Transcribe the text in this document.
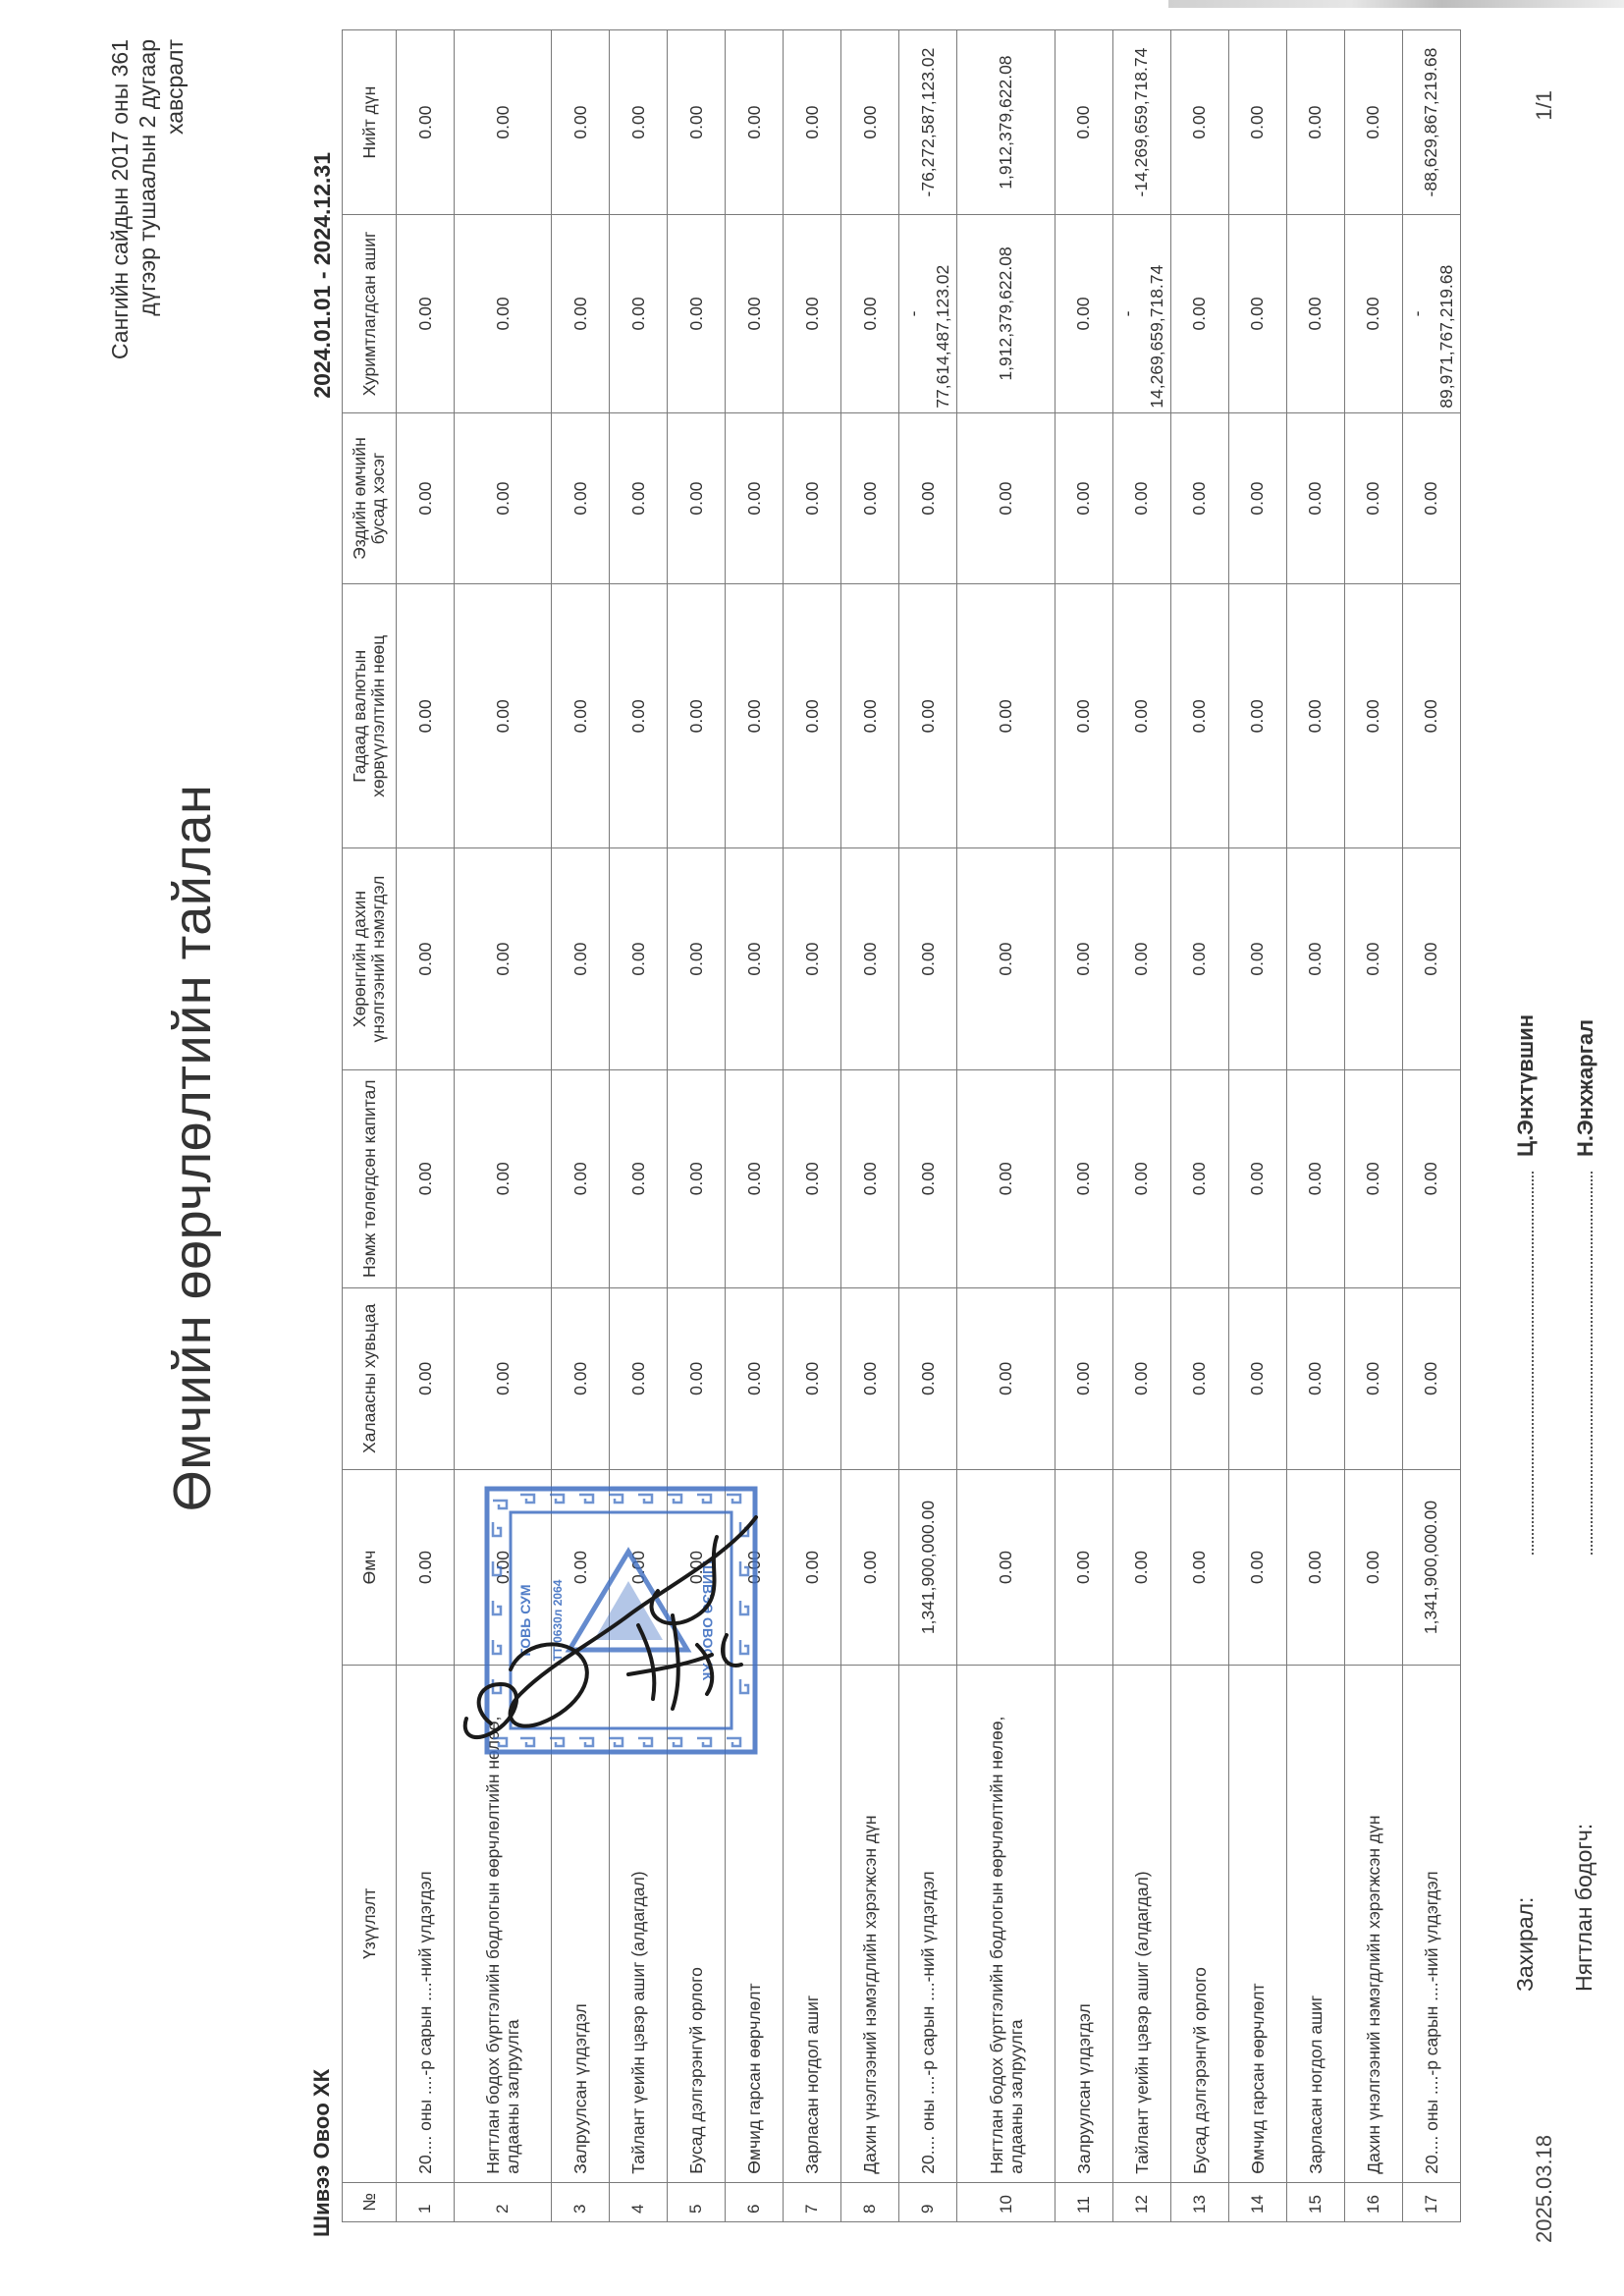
Сангийн сайдын 2017 оны 361 дүгээр тушаалын 2 дугаар хавсралт
Өмчийн өөрчлөлтийн тайлан
Шивээ Овоо ХК
2024.01.01 - 2024.12.31
№	Үзүүлэлт	Өмч	Халаасны хувьцаа	Нэмж төлөгдсөн капитал	Хөрөнгийн дахин үнэлгээний нэмэгдэл	Гадаад валютын хөрвүүлэлтийн нөөц	Эздийн өмчийн бусад хэсэг	Хуримтлагдсан ашиг	Нийт дүн
1	20.... оны ....-р сарын ....-ний үлдэгдэл	0.00	0.00	0.00	0.00	0.00	0.00	0.00	0.00
2	Нягтлан бодох бүртгэлийн бодлогын өөрчлөлтийн нөлөө, алдааны залруулга	0.00	0.00	0.00	0.00	0.00	0.00	0.00	0.00
3	Залруулсан үлдэгдэл	0.00	0.00	0.00	0.00	0.00	0.00	0.00	0.00
4	Тайлант үеийн цэвэр ашиг (алдагдал)	0.00	0.00	0.00	0.00	0.00	0.00	0.00	0.00
5	Бусад дэлгэрэнгүй орлого	0.00	0.00	0.00	0.00	0.00	0.00	0.00	0.00
6	Өмчид гарсан өөрчлөлт	0.00	0.00	0.00	0.00	0.00	0.00	0.00	0.00
7	Зарласан ногдол ашиг	0.00	0.00	0.00	0.00	0.00	0.00	0.00	0.00
8	Дахин үнэлгээний нэмэгдлийн хэрэгжсэн дүн	0.00	0.00	0.00	0.00	0.00	0.00	0.00	0.00
9	20.... оны ....-р сарын ....-ний үлдэгдэл	1,341,900,000.00	0.00	0.00	0.00	0.00	0.00	- 77,614,487,123.02	-76,272,587,123.02
10	Нягтлан бодох бүртгэлийн бодлогын өөрчлөлтийн нөлөө, алдааны залруулга	0.00	0.00	0.00	0.00	0.00	0.00	1,912,379,622.08	1,912,379,622.08
11	Залруулсан үлдэгдэл	0.00	0.00	0.00	0.00	0.00	0.00	0.00	0.00
12	Тайлант үеийн цэвэр ашиг (алдагдал)	0.00	0.00	0.00	0.00	0.00	0.00	- 14,269,659,718.74	-14,269,659,718.74
13	Бусад дэлгэрэнгүй орлого	0.00	0.00	0.00	0.00	0.00	0.00	0.00	0.00
14	Өмчид гарсан өөрчлөлт	0.00	0.00	0.00	0.00	0.00	0.00	0.00	0.00
15	Зарласан ногдол ашиг	0.00	0.00	0.00	0.00	0.00	0.00	0.00	0.00
16	Дахин үнэлгээний нэмэгдлийн хэрэгжсэн дүн	0.00	0.00	0.00	0.00	0.00	0.00	0.00	0.00
17	20.... оны ....-р сарын ....-ний үлдэгдэл	1,341,900,000.00	0.00	0.00	0.00	0.00	0.00	- 89,971,767,219.68	-88,629,867,219.68
Захирал:
Ц.Энхтүвшин
Нягтлан бодогч:
Н.Энхжаргал
2025.03.18
1/1
ГОВЬ СУМ	ШИВЭЭ ОВОО ХК
ТТ:0630л 2064
